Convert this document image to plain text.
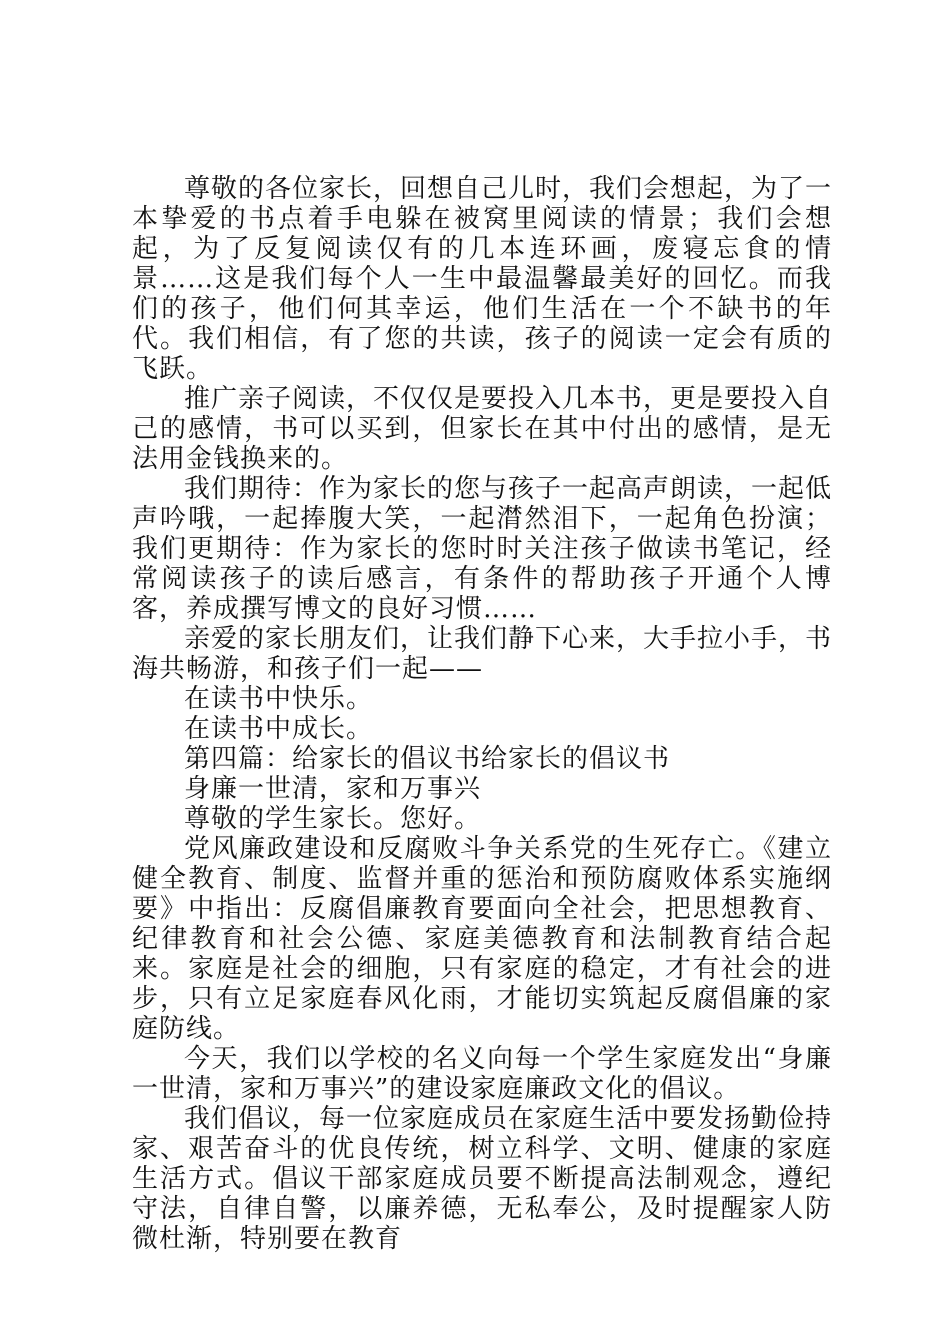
尊敬的各位家长，回想自己儿时，我们会想起，为了一本挚爱的书点着手电躲在被窝里阅读的情景；我们会想起，为了反复阅读仅有的几本连环画，废寝忘食的情景……这是我们每个人一生中最温馨最美好的回忆。而我们的孩子，他们何其幸运，他们生活在一个不缺书的年代。我们相信，有了您的共读，孩子的阅读一定会有质的飞跃。

推广亲子阅读，不仅仅是要投入几本书，更是要投入自己的感情，书可以买到，但家长在其中付出的感情，是无法用金钱换来的。

我们期待：作为家长的您与孩子一起高声朗读，一起低声吟哦，一起捧腹大笑，一起潸然泪下，一起角色扮演；我们更期待：作为家长的您时时关注孩子做读书笔记，经常阅读孩子的读后感言，有条件的帮助孩子开通个人博客，养成撰写博文的良好习惯……

亲爱的家长朋友们，让我们静下心来，大手拉小手，书海共畅游，和孩子们一起——

在读书中快乐。

在读书中成长。

第四篇：给家长的倡议书给家长的倡议书

身廉一世清，家和万事兴

尊敬的学生家长。您好。

党风廉政建设和反腐败斗争关系党的生死存亡。《建立健全教育、制度、监督并重的惩治和预防腐败体系实施纲要》中指出：反腐倡廉教育要面向全社会，把思想教育、纪律教育和社会公德、家庭美德教育和法制教育结合起来。家庭是社会的细胞，只有家庭的稳定，才有社会的进步，只有立足家庭春风化雨，才能切实筑起反腐倡廉的家庭防线。

今天，我们以学校的名义向每一个学生家庭发出“身廉一世清，家和万事兴”的建设家庭廉政文化的倡议。

我们倡议，每一位家庭成员在家庭生活中要发扬勤俭持家、艰苦奋斗的优良传统，树立科学、文明、健康的家庭生活方式。倡议干部家庭成员要不断提高法制观念，遵纪守法，自律自警，以廉养德，无私奉公，及时提醒家人防微杜渐，特别要在教育
